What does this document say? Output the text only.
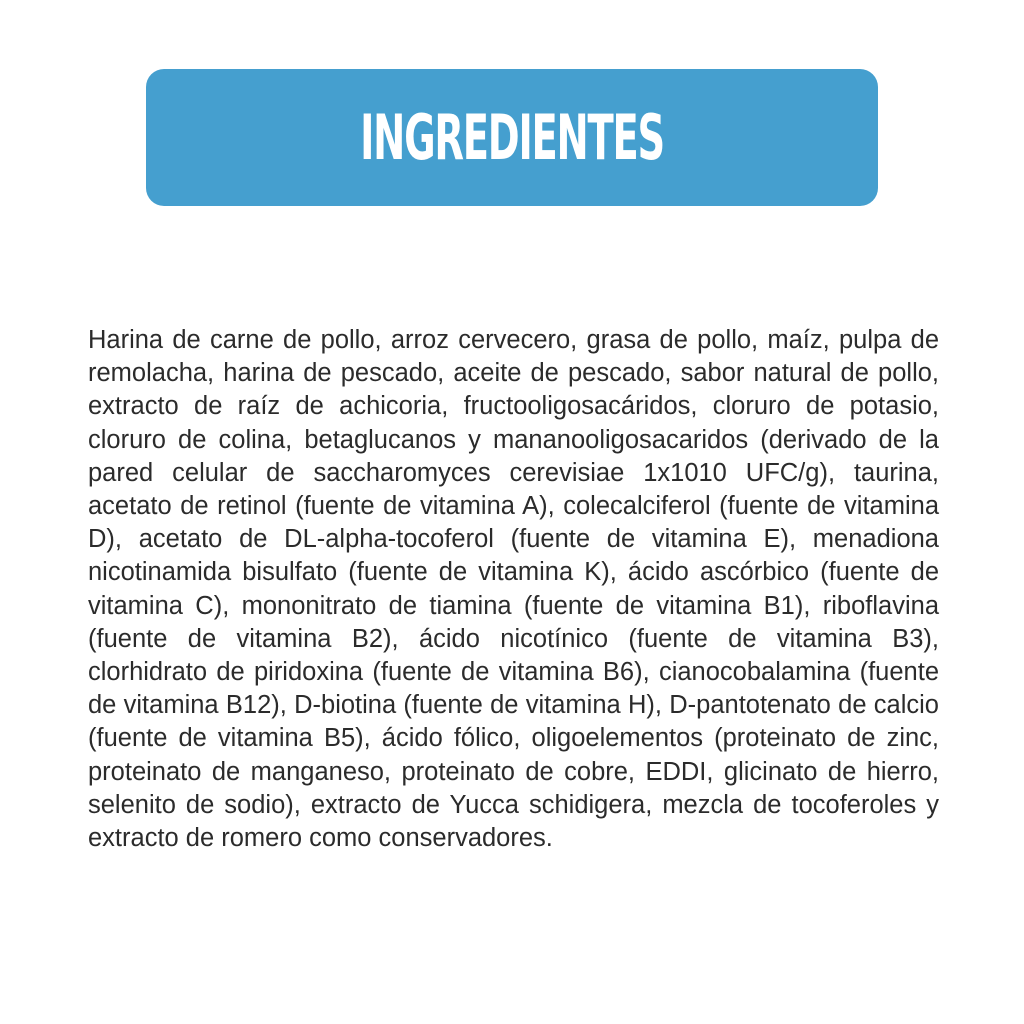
INGREDIENTES

Harina de carne de pollo, arroz cervecero, grasa de pollo, maíz, pulpa de remolacha, harina de pescado, aceite de pescado, sabor natural de pollo, extracto de raíz de achicoria, fructooligosacáridos, cloruro de potasio, cloruro de colina, betaglucanos y mananooligosacaridos (derivado de la pared celular de saccharomyces cerevisiae 1x1010 UFC/g), taurina, acetato de retinol (fuente de vitamina A), colecalciferol (fuente de vitamina D), acetato de DL-alpha-tocoferol (fuente de vitamina E), menadiona nicotinamida bisulfato (fuente de vitamina K), ácido ascórbico (fuente de vitamina C), mononitrato de tiamina (fuente de vitamina B1), riboflavina (fuente de vitamina B2), ácido nicotínico (fuente de vitamina B3), clorhidrato de piridoxina (fuente de vitamina B6), cianocobalamina (fuente de vitamina B12), D-biotina (fuente de vitamina H), D-pantotenato de calcio (fuente de vitamina B5), ácido fólico, oligoelementos (proteinato de zinc, proteinato de manganeso, proteinato de cobre, EDDI, glicinato de hierro, selenito de sodio), extracto de Yucca schidigera, mezcla de tocoferoles y extracto de romero como conservadores.
